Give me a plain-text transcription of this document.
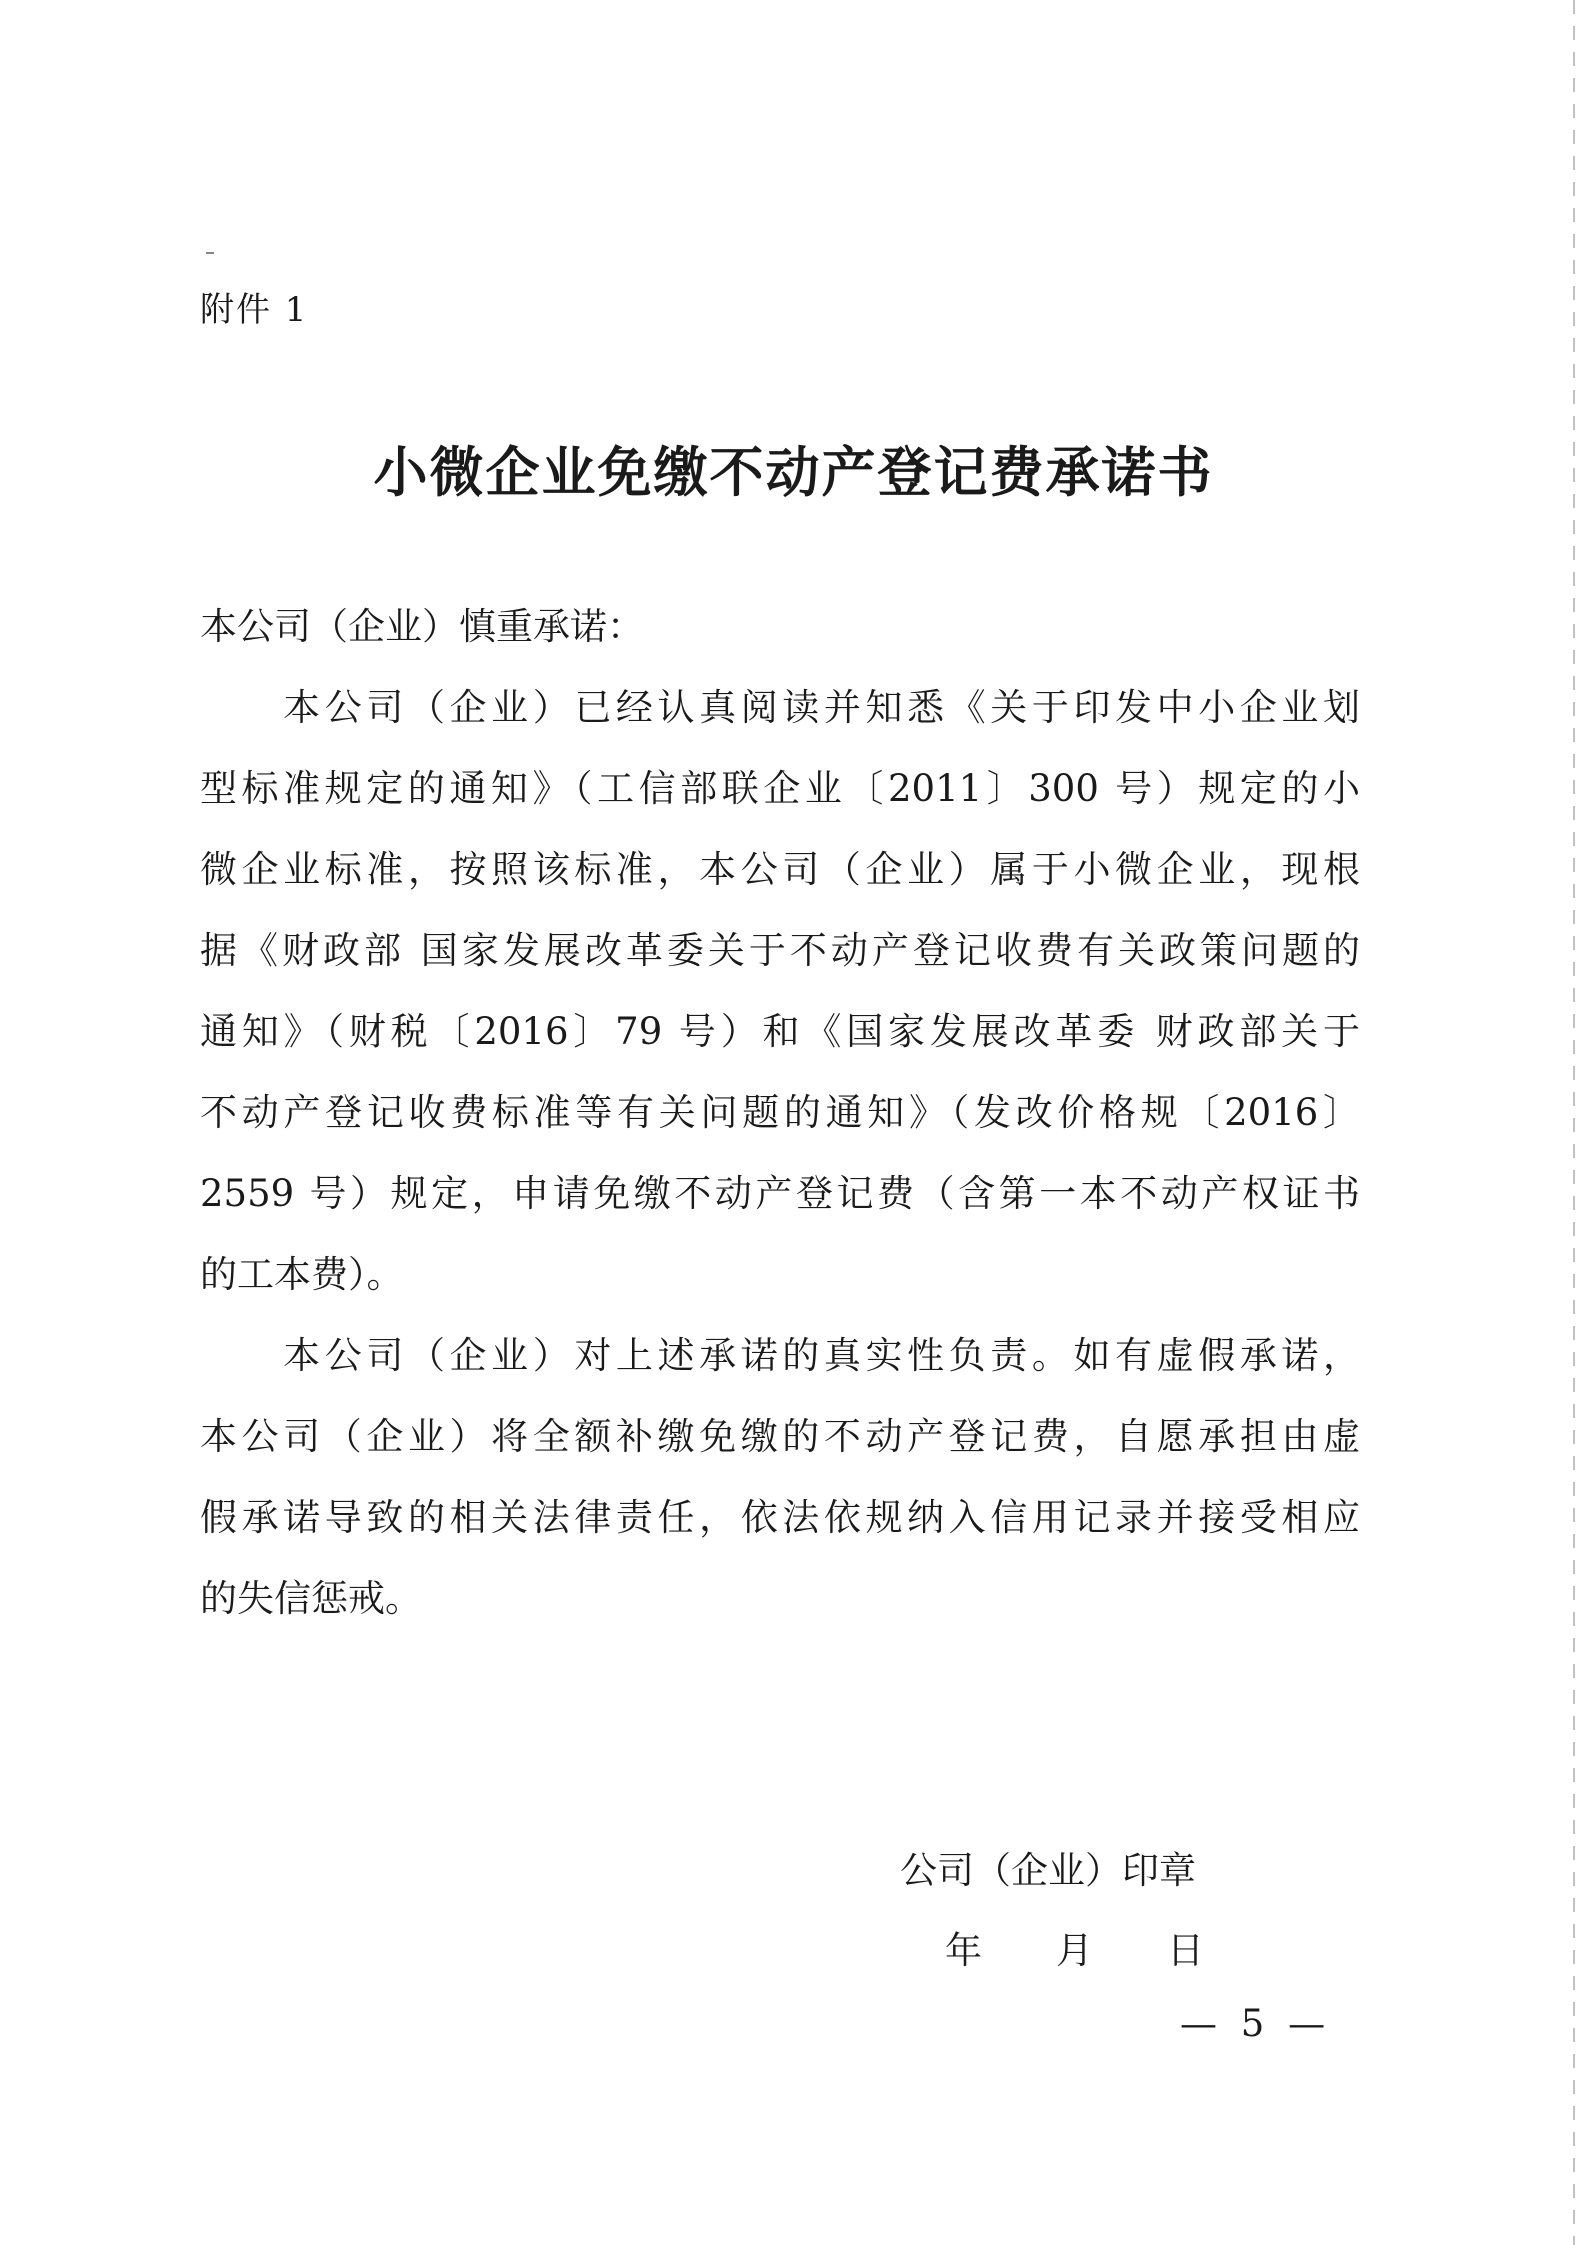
附件 1
小微企业免缴不动产登记费承诺书
本公司（企业）慎重承诺：
　　本公司（企业）已经认真阅读并知悉《关于印发中小企业划
型标准规定的通知》（工信部联企业〔2011〕300 号）规定的小
微企业标准，按照该标准，本公司（企业）属于小微企业，现根
据《财政部 国家发展改革委关于不动产登记收费有关政策问题的
通知》（财税〔2016〕79 号）和《国家发展改革委 财政部关于
不动产登记收费标准等有关问题的通知》（发改价格规〔2016〕
2559 号）规定，申请免缴不动产登记费（含第一本不动产权证书
的工本费）。
　　本公司（企业）对上述承诺的真实性负责。如有虚假承诺，
本公司（企业）将全额补缴免缴的不动产登记费，自愿承担由虚
假承诺导致的相关法律责任，依法依规纳入信用记录并接受相应
的失信惩戒。
公司（企业）印章
年　　月　　日
— 5 —
